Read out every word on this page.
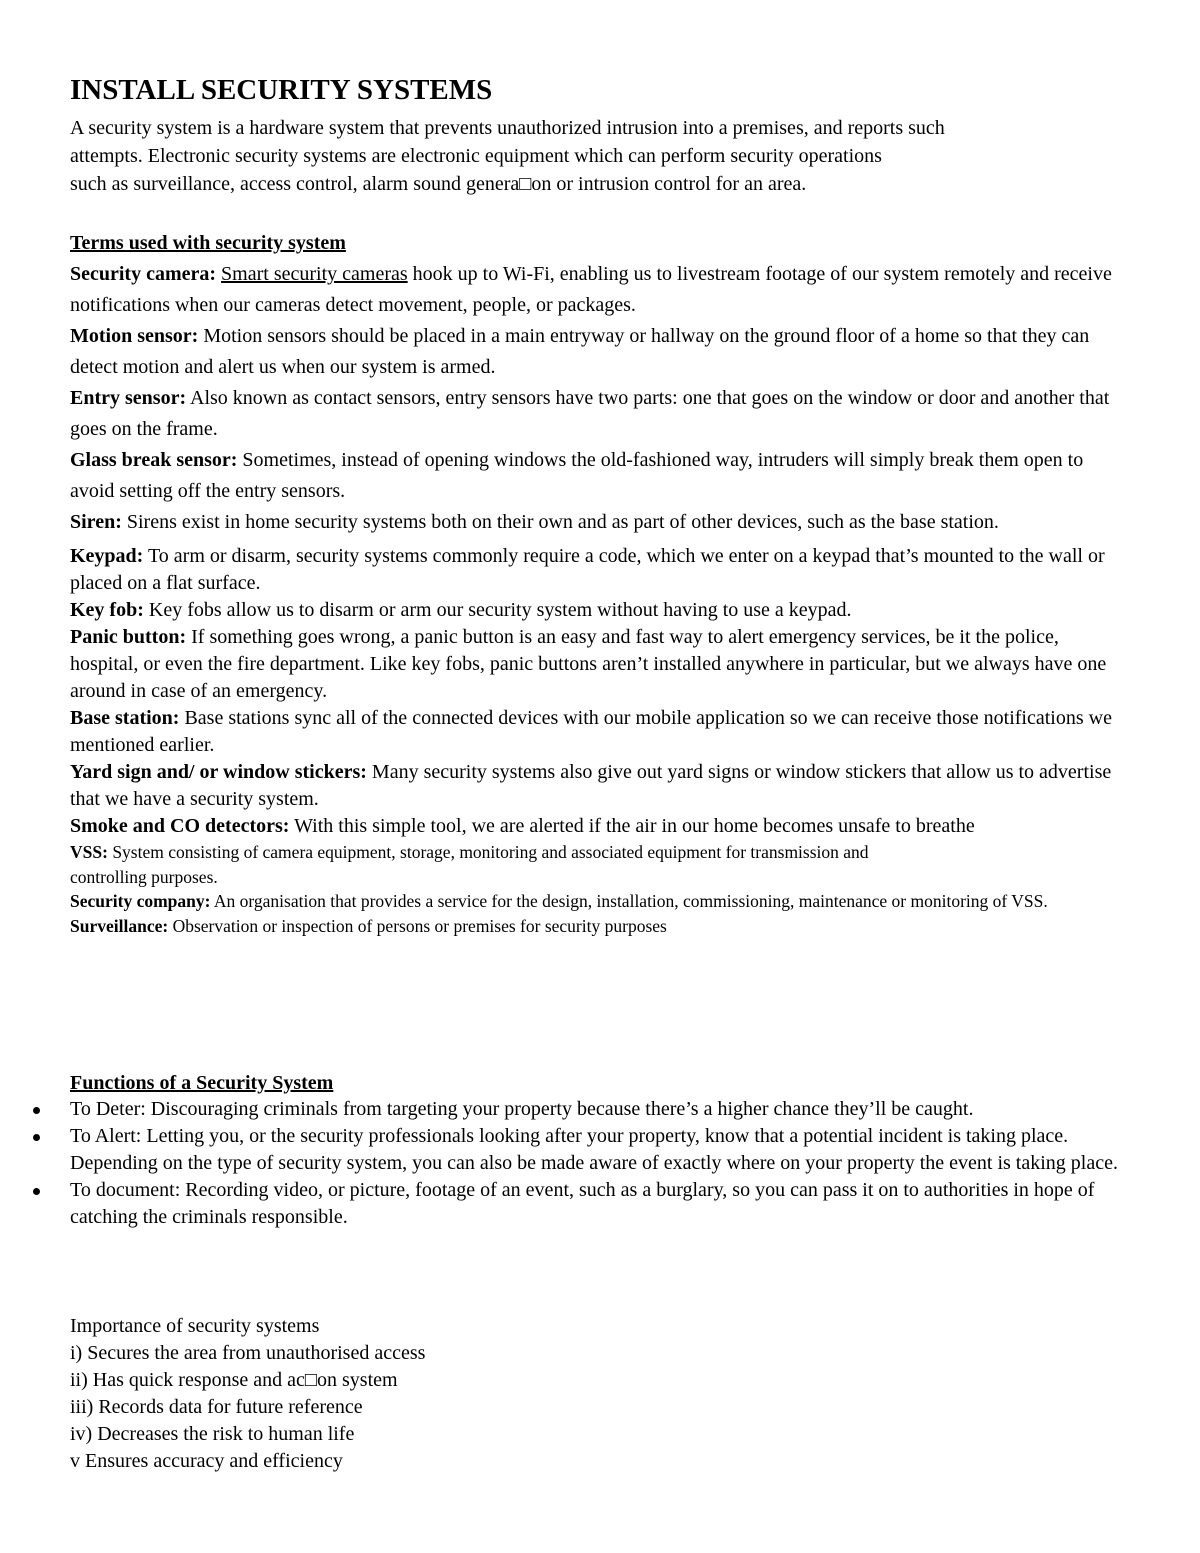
INSTALL SECURITY SYSTEMS

A security system is a hardware system that prevents unauthorized intrusion into a premises, and reports such
attempts. Electronic security systems are electronic equipment which can perform security operations
such as surveillance, access control, alarm sound genera□on or intrusion control for an area.

Terms used with security system

Security camera: Smart security cameras hook up to Wi-Fi, enabling us to livestream footage of our system remotely and receive notifications when our cameras detect movement, people, or packages.

Motion sensor: Motion sensors should be placed in a main entryway or hallway on the ground floor of a home so that they can detect motion and alert us when our system is armed.

Entry sensor: Also known as contact sensors, entry sensors have two parts: one that goes on the window or door and another that goes on the frame.

Glass break sensor: Sometimes, instead of opening windows the old-fashioned way, intruders will simply break them open to avoid setting off the entry sensors.

Siren: Sirens exist in home security systems both on their own and as part of other devices, such as the base station.

Keypad: To arm or disarm, security systems commonly require a code, which we enter on a keypad that’s mounted to the wall or placed on a flat surface.

Key fob: Key fobs allow us to disarm or arm our security system without having to use a keypad.

Panic button: If something goes wrong, a panic button is an easy and fast way to alert emergency services, be it the police, hospital, or even the fire department. Like key fobs, panic buttons aren’t installed anywhere in particular, but we always have one around in case of an emergency.

Base station: Base stations sync all of the connected devices with our mobile application so we can receive those notifications we mentioned earlier.

Yard sign and/ or window stickers: Many security systems also give out yard signs or window stickers that allow us to advertise that we have a security system.

Smoke and CO detectors: With this simple tool, we are alerted if the air in our home becomes unsafe to breathe

VSS: System consisting of camera equipment, storage, monitoring and associated equipment for transmission and controlling purposes.

Security company: An organisation that provides a service for the design, installation, commissioning, maintenance or monitoring of VSS.

Surveillance: Observation or inspection of persons or premises for security purposes

Functions of a Security System
To Deter: Discouraging criminals from targeting your property because there’s a higher chance they’ll be caught.
To Alert: Letting you, or the security professionals looking after your property, know that a potential incident is taking place. Depending on the type of security system, you can also be made aware of exactly where on your property the event is taking place.
To document: Recording video, or picture, footage of an event, such as a burglary, so you can pass it on to authorities in hope of catching the criminals responsible.
Importance of security systems
i) Secures the area from unauthorised access
ii) Has quick response and ac□on system
iii) Records data for future reference
iv) Decreases the risk to human life
v Ensures accuracy and efficiency
